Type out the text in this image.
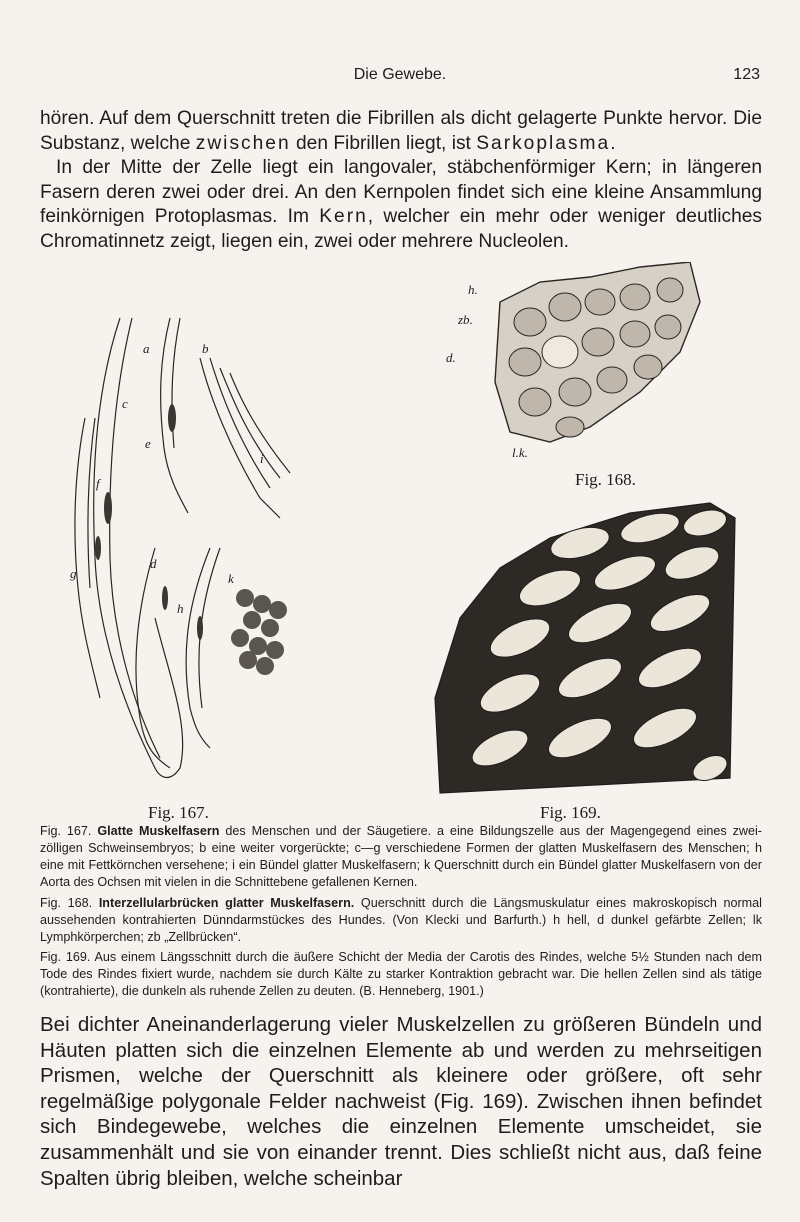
Die Gewebe.	123

hören. Auf dem Querschnitt treten die Fibrillen als dicht gelagerte Punkte hervor. Die Substanz, welche zwischen den Fibrillen liegt, ist Sarkoplasma.

In der Mitte der Zelle liegt ein langovaler, stäbchenförmiger Kern; in längeren Fasern deren zwei oder drei. An den Kernpolen findet sich eine kleine Ansammlung feinkörnigen Protoplasmas. Im Kern, welcher ein mehr oder weniger deutliches Chromatinnetz zeigt, liegen ein, zwei oder mehrere Nucleolen.

a	b
c
d
e
f
g
h
i
k
h.
zb.
d.
l.k.
Fig. 168.
Fig. 167.	Fig. 169.

Fig. 167. Glatte Muskelfasern des Menschen und der Säugetiere. a eine Bildungszelle aus der Magengegend eines zwei-zölligen Schweinsembryos; b eine weiter vorgerückte; c—g verschiedene Formen der glatten Muskelfasern des Menschen; h eine mit Fettkörnchen versehene; i ein Bündel glatter Muskelfasern; k Querschnitt durch ein Bündel glatter Muskelfasern von der Aorta des Ochsen mit vielen in die Schnittebene gefallenen Kernen.

Fig. 168. Interzellularbrücken glatter Muskelfasern. Querschnitt durch die Längsmuskulatur eines makroskopisch normal aussehenden kontrahierten Dünndarmstückes des Hundes. (Von Klecki und Barfurth.) h hell, d dunkel gefärbte Zellen; lk Lymphkörperchen; zb „Zellbrücken“.

Fig. 169. Aus einem Längsschnitt durch die äußere Schicht der Media der Carotis des Rindes, welche 5½ Stunden nach dem Tode des Rindes fixiert wurde, nachdem sie durch Kälte zu starker Kontraktion gebracht war. Die hellen Zellen sind als tätige (kontrahierte), die dunkeln als ruhende Zellen zu deuten. (B. Henneberg, 1901.)

Bei dichter Aneinanderlagerung vieler Muskelzellen zu größeren Bündeln und Häuten platten sich die einzelnen Elemente ab und werden zu mehrseitigen Prismen, welche der Querschnitt als kleinere oder größere, oft sehr regelmäßige polygonale Felder nachweist (Fig. 169). Zwischen ihnen befindet sich Bindegewebe, welches die einzelnen Elemente umscheidet, sie zusammenhält und sie von einander trennt. Dies schließt nicht aus, daß feine Spalten übrig bleiben, welche scheinbar
